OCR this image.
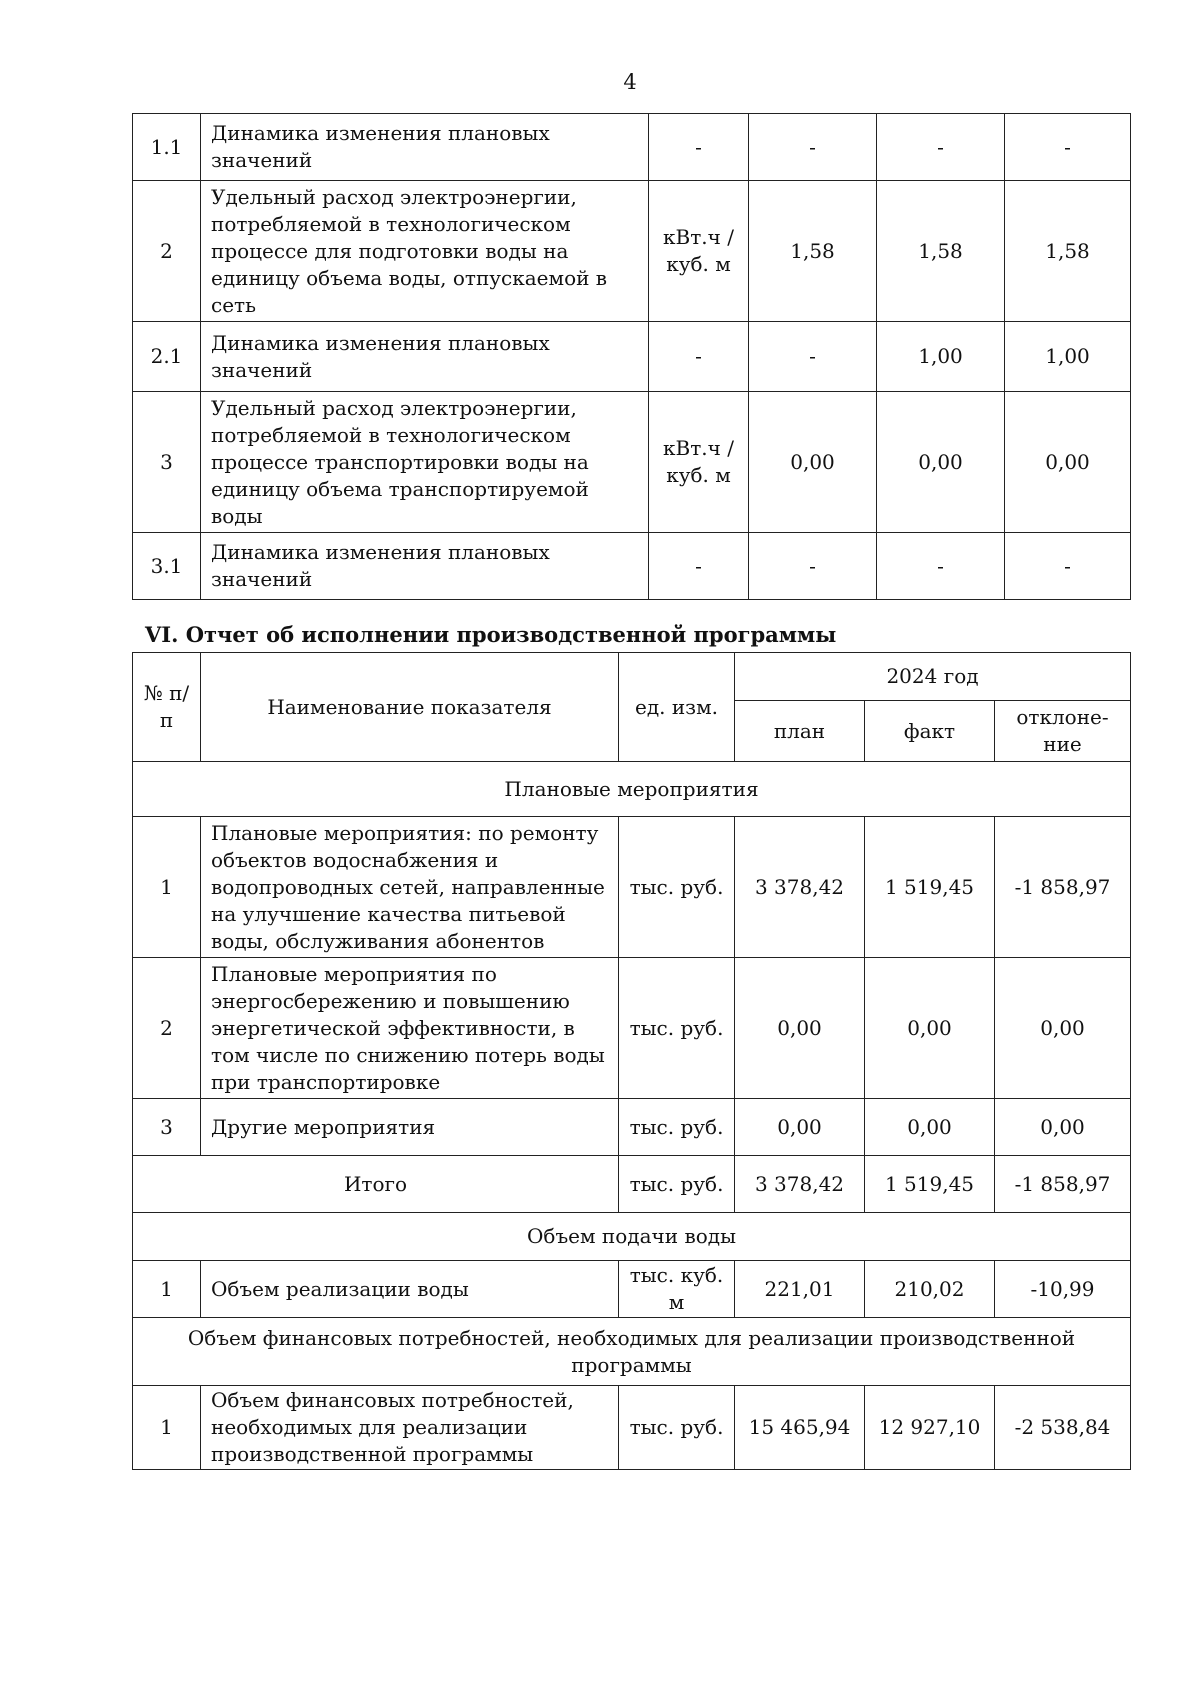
4
1.1	Динамика изменения плановых значений	-	-	-	-
2	Удельный расход электроэнергии, потребляемой в технологическом процессе для подготовки воды на единицу объема воды, отпускаемой в сеть	кВт.ч / куб. м	1,58	1,58	1,58
2.1	Динамика изменения плановых значений	-	-	1,00	1,00
3	Удельный расход электроэнергии, потребляемой в технологическом процессе транспортировки воды на единицу объема транспортируемой воды	кВт.ч / куб. м	0,00	0,00	0,00
3.1	Динамика изменения плановых значений	-	-	-	-
VI. Отчет об исполнении производственной программы
№ п/п	Наименование показателя	ед. изм.	2024 год		
			план	факт	отклоне-ние
Плановые мероприятия					
1	Плановые мероприятия: по ремонту объектов водоснабжения и водопроводных сетей, направленные на улучшение качества питьевой воды, обслуживания абонентов	тыс. руб.	3 378,42	1 519,45	-1 858,97
2	Плановые мероприятия по энергосбережению и повышению энергетической эффективности, в том числе по снижению потерь воды при транспортировке	тыс. руб.	0,00	0,00	0,00
3	Другие мероприятия	тыс. руб.	0,00	0,00	0,00
Итого		тыс. руб.	3 378,42	1 519,45	-1 858,97
Объем подачи воды					
1	Объем реализации воды	тыс. куб. м	221,01	210,02	-10,99
Объем финансовых потребностей, необходимых для реализации производственной программы					
1	Объем финансовых потребностей, необходимых для реализации производственной программы	тыс. руб.	15 465,94	12 927,10	-2 538,84
